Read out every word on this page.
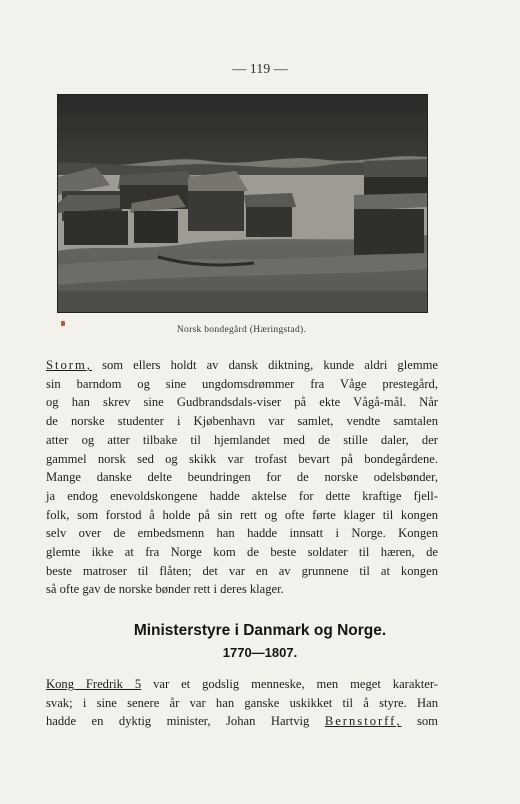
— 119 —
Norsk bondegård (Hæringstad).
Storm, som ellers holdt av dansk diktning, kunde aldri glemme
sin barndom og sine ungdomsdrømmer fra Våge prestegård,
og han skrev sine Gudbrandsdals-viser på ekte Vågå-mål. Når
de norske studenter i Kjøbenhavn var samlet, vendte samtalen
atter og atter tilbake til hjemlandet med de stille daler, der
gammel norsk sed og skikk var trofast bevart på bondegårdene.
Mange danske delte beundringen for de norske odelsbønder,
ja endog enevoldskongene hadde aktelse for dette kraftige fjell-
folk, som forstod å holde på sin rett og ofte førte klager til kongen
selv over de embedsmenn han hadde innsatt i Norge. Kongen
glemte ikke at fra Norge kom de beste soldater til hæren, de
beste matroser til flåten; det var en av grunnene til at kongen
så ofte gav de norske bønder rett i deres klager.
Ministerstyre i Danmark og Norge.
1770—1807.
Kong Fredrik 5 var et godslig menneske, men meget karakter-
svak; i sine senere år var han ganske uskikket til å styre. Han
hadde en dyktig minister, Johan Hartvig Bernstorff, som
